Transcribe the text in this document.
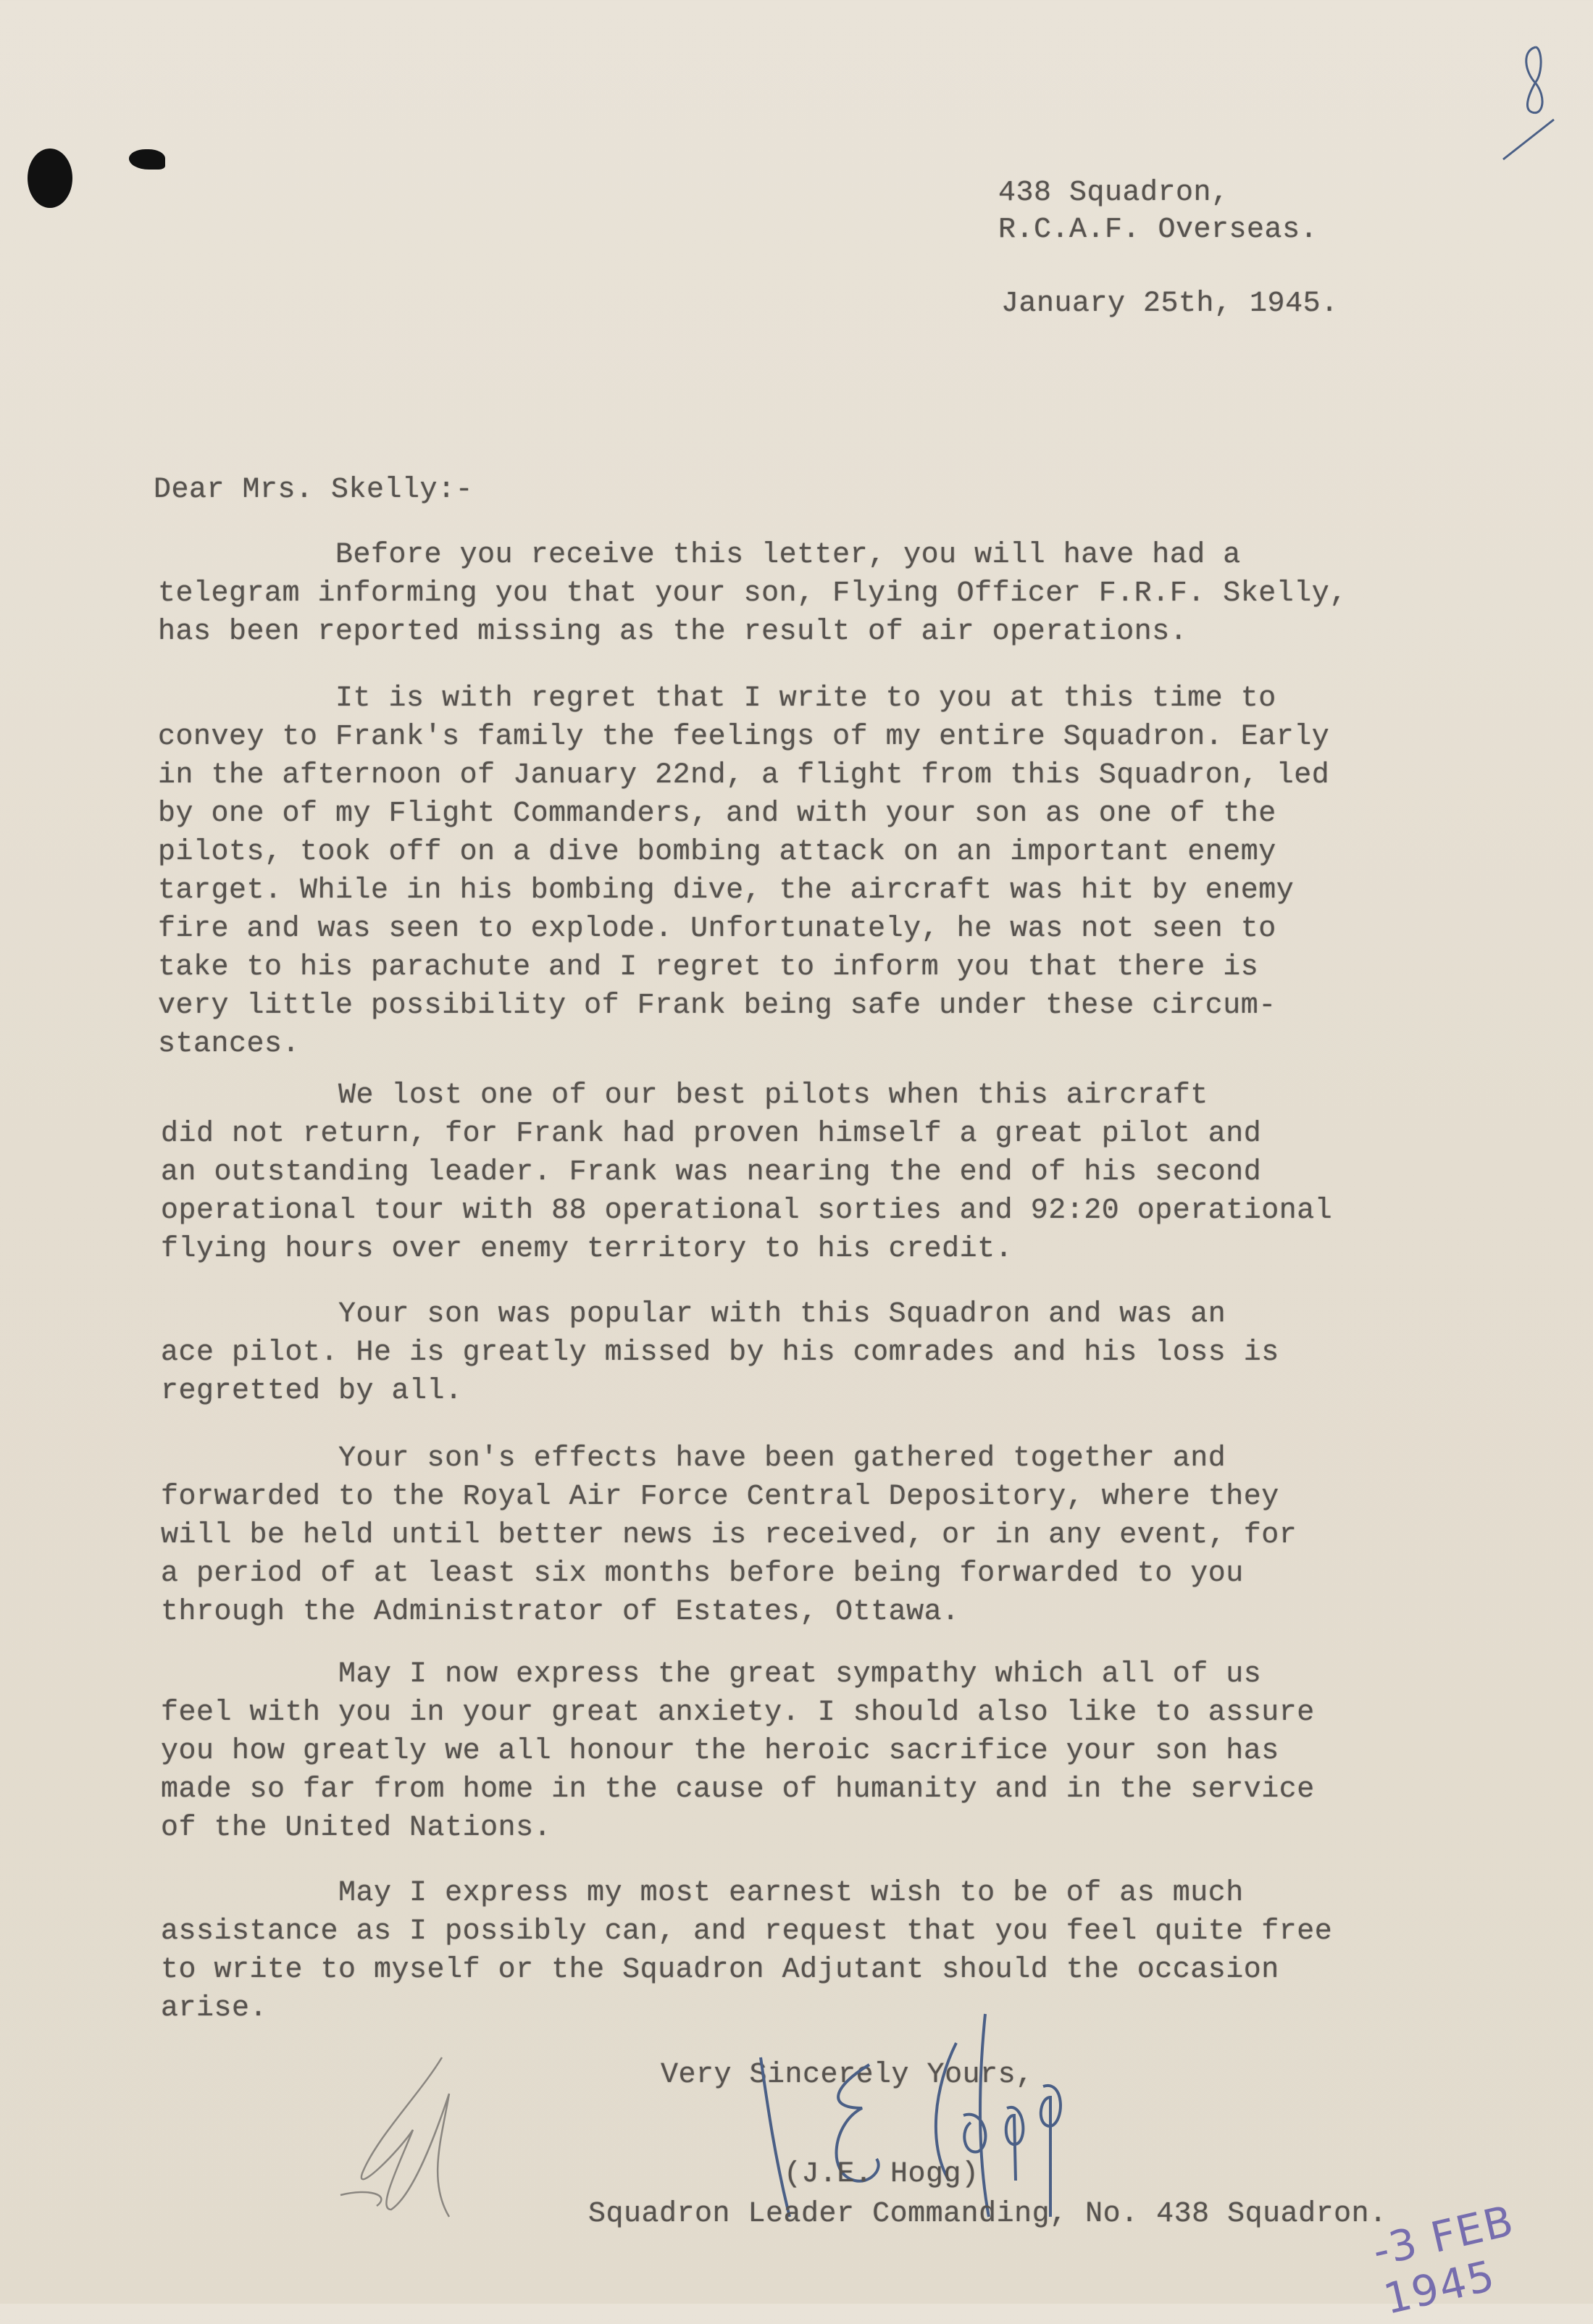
438 Squadron,
R.C.A.F. Overseas.
January 25th, 1945.
Dear Mrs. Skelly:-
Before you receive this letter, you will have had a
telegram informing you that your son, Flying Officer F.R.F. Skelly,
has been reported missing as the result of air operations.
It is with regret that I write to you at this time to
convey to Frank's family the feelings of my entire Squadron. Early
in the afternoon of January 22nd, a flight from this Squadron, led
by one of my Flight Commanders, and with your son as one of the
pilots, took off on a dive bombing attack on an important enemy
target. While in his bombing dive, the aircraft was hit by enemy
fire and was seen to explode. Unfortunately, he was not seen to
take to his parachute and I regret to inform you that there is
very little possibility of Frank being safe under these circum-
stances.
We lost one of our best pilots when this aircraft
did not return, for Frank had proven himself a great pilot and
an outstanding leader. Frank was nearing the end of his second
operational tour with 88 operational sorties and 92:20 operational
flying hours over enemy territory to his credit.
Your son was popular with this Squadron and was an
ace pilot. He is greatly missed by his comrades and his loss is
regretted by all.
Your son's effects have been gathered together and
forwarded to the Royal Air Force Central Depository, where they
will be held until better news is received, or in any event, for
a period of at least six months before being forwarded to you
through the Administrator of Estates, Ottawa.
May I now express the great sympathy which all of us
feel with you in your great anxiety. I should also like to assure
you how greatly we all honour the heroic sacrifice your son has
made so far from home in the cause of humanity and in the service
of the United Nations.
May I express my most earnest wish to be of as much
assistance as I possibly can, and request that you feel quite free
to write to myself or the Squadron Adjutant should the occasion
arise.
Very Sincerely Yours,
(J.E. Hogg)
Squadron Leader Commanding, No. 438 Squadron.
-3 FEB 1945
